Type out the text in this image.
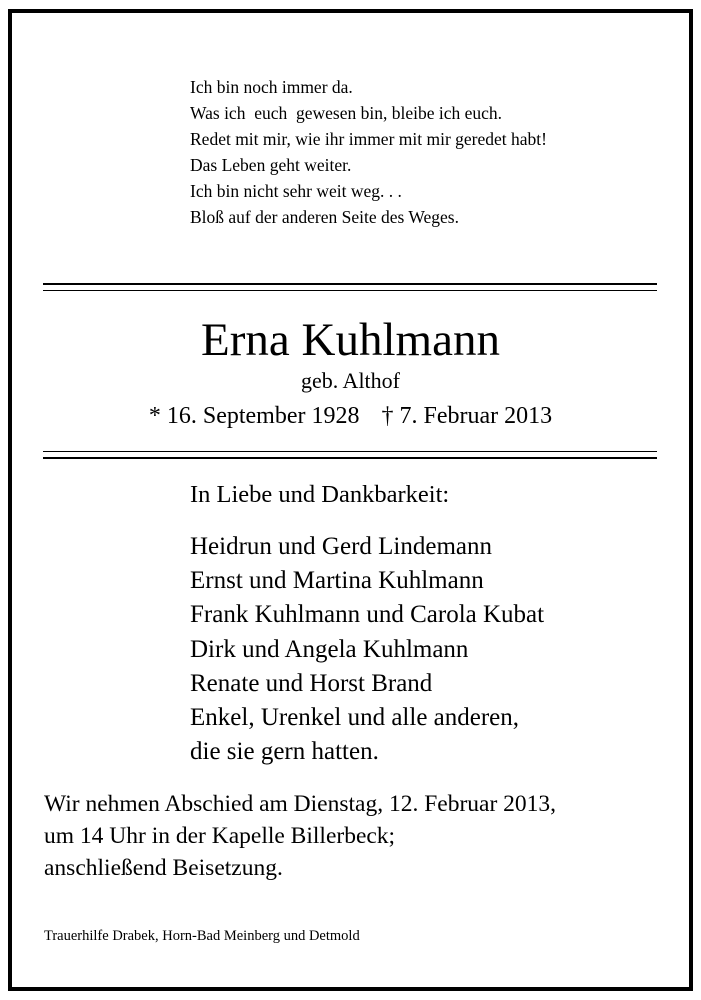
Ich bin noch immer da.
Was ich  euch  gewesen bin, bleibe ich euch.
Redet mit mir, wie ihr immer mit mir geredet habt!
Das Leben geht weiter.
Ich bin nicht sehr weit weg. . .
Bloß auf der anderen Seite des Weges.
Erna Kuhlmann
geb. Althof
* 16. September 1928 † 7. Februar 2013
In Liebe und Dankbarkeit:
Heidrun und Gerd Lindemann
Ernst und Martina Kuhlmann
Frank Kuhlmann und Carola Kubat
Dirk und Angela Kuhlmann
Renate und Horst Brand
Enkel, Urenkel und alle anderen,
die sie gern hatten.
Wir nehmen Abschied am Dienstag, 12. Februar 2013,
um 14 Uhr in der Kapelle Billerbeck;
anschließend Beisetzung.
Trauerhilfe Drabek, Horn-Bad Meinberg und Detmold
